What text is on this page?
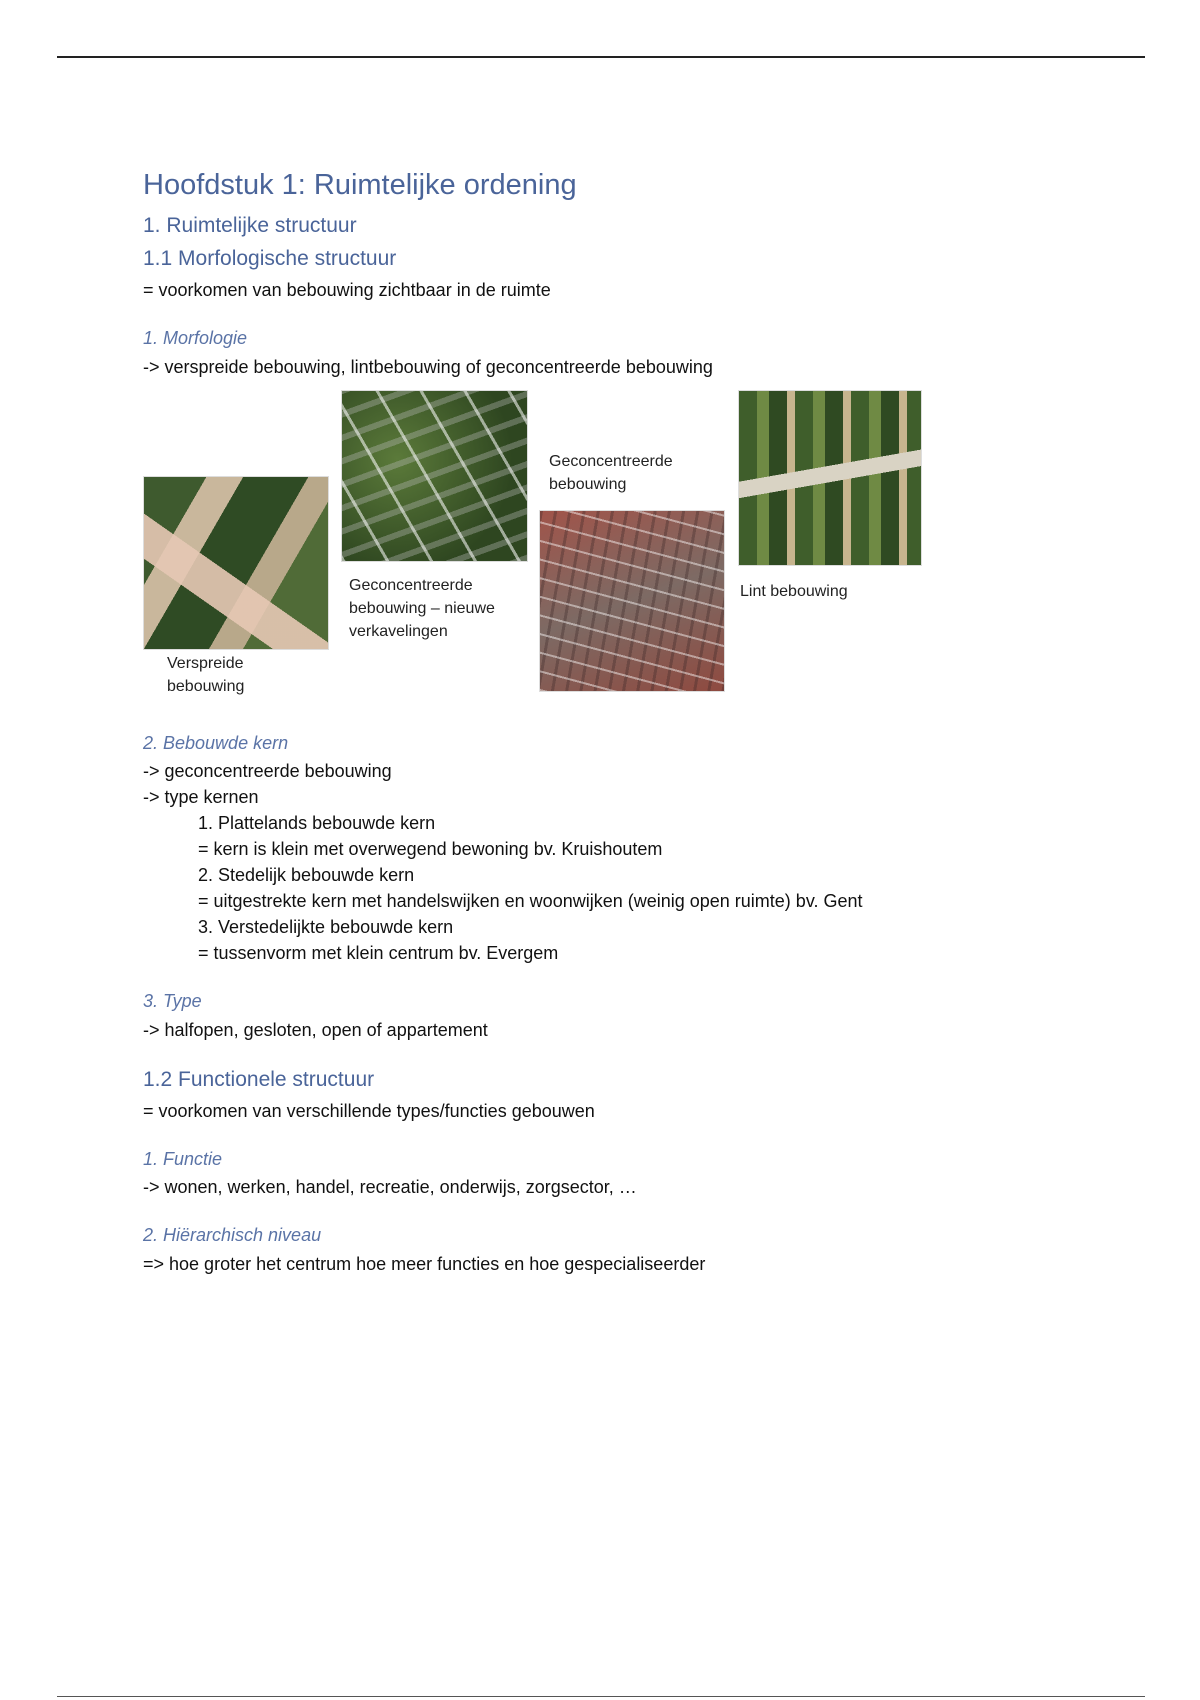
Hoofdstuk 1: Ruimtelijke ordening
1. Ruimtelijke structuur
1.1 Morfologische structuur
= voorkomen van bebouwing zichtbaar in de ruimte
1. Morfologie
-> verspreide bebouwing, lintbebouwing of geconcentreerde bebouwing
Verspreide
bebouwing
Geconcentreerde
bebouwing – nieuwe
verkavelingen
Geconcentreerde
bebouwing
Lint bebouwing
2. Bebouwde kern
-> geconcentreerde bebouwing
-> type kernen
1. Plattelands bebouwde kern
= kern is klein met overwegend bewoning bv. Kruishoutem
2. Stedelijk bebouwde kern
= uitgestrekte kern met handelswijken en woonwijken (weinig open ruimte) bv. Gent
3. Verstedelijkte bebouwde kern
= tussenvorm met klein centrum bv. Evergem
3. Type
-> halfopen, gesloten, open of appartement
1.2 Functionele structuur
= voorkomen van verschillende types/functies gebouwen
1. Functie
-> wonen, werken, handel, recreatie, onderwijs, zorgsector, …
2. Hiërarchisch niveau
=> hoe groter het centrum hoe meer functies en hoe gespecialiseerder
